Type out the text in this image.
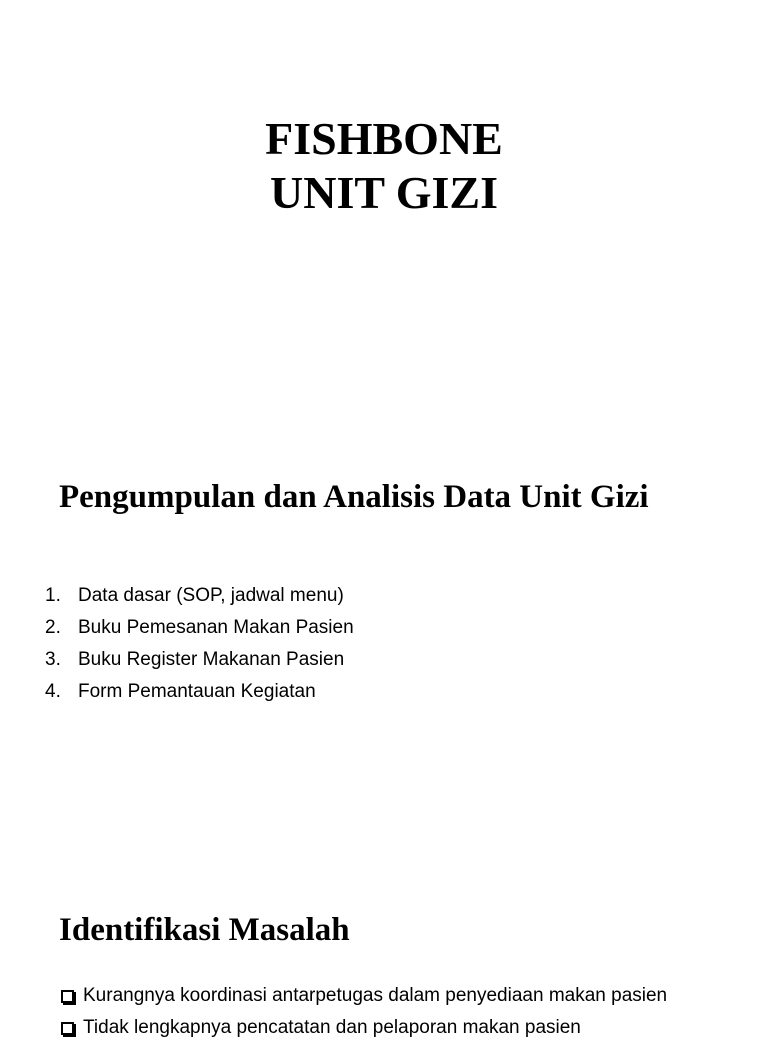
FISHBONE
UNIT GIZI
Pengumpulan dan Analisis Data Unit Gizi
1. Data dasar (SOP, jadwal menu)
2. Buku Pemesanan Makan Pasien
3. Buku Register Makanan Pasien
4. Form Pemantauan Kegiatan
Identifikasi Masalah
Kurangnya koordinasi antarpetugas dalam penyediaan makan pasien
Tidak lengkapnya pencatatan dan pelaporan makan pasien
